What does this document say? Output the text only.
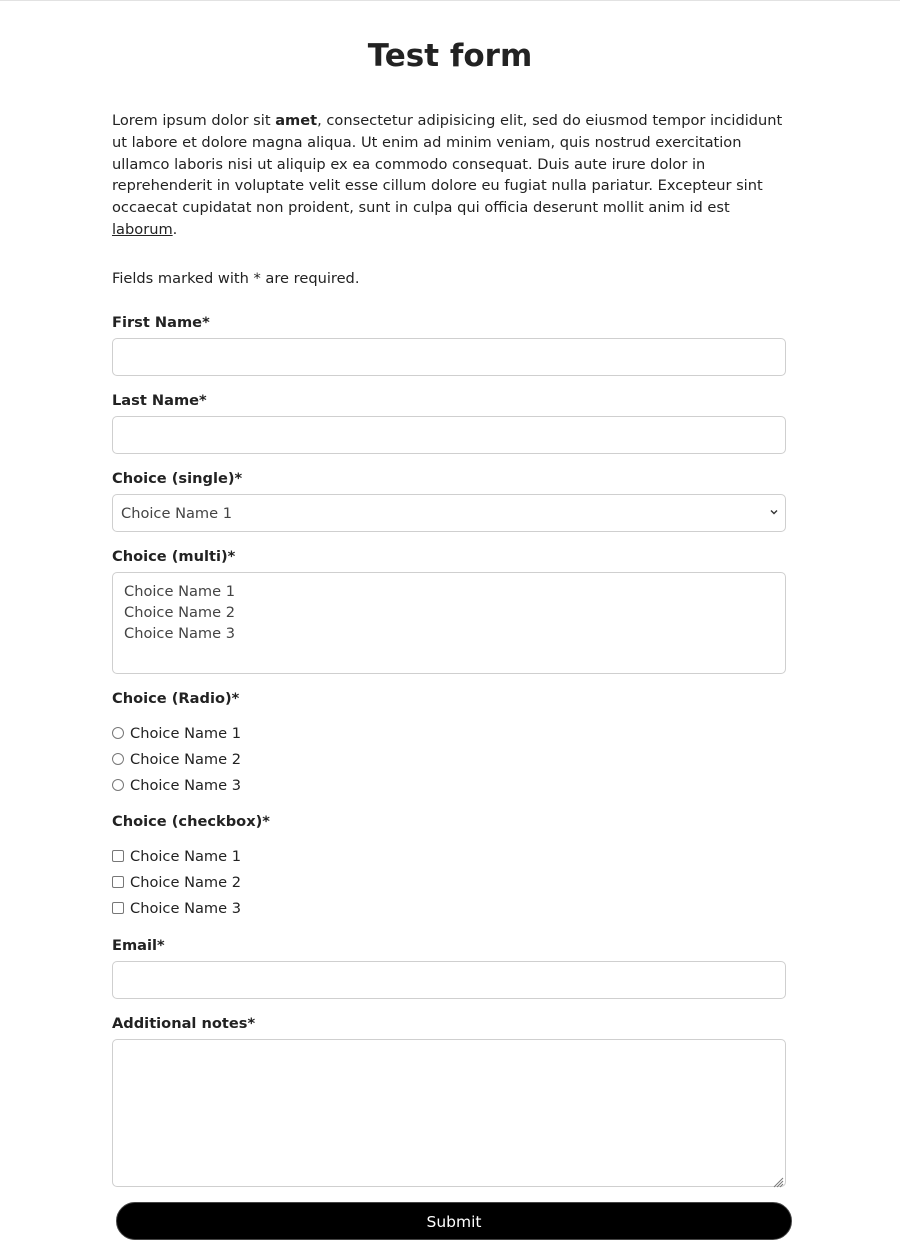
Test form

Lorem ipsum dolor sit amet, consectetur adipisicing elit, sed do eiusmod tempor incididunt ut labore et dolore magna aliqua. Ut enim ad minim veniam, quis nostrud exercitation ullamco laboris nisi ut aliquip ex ea commodo consequat. Duis aute irure dolor in reprehenderit in voluptate velit esse cillum dolore eu fugiat nulla pariatur. Excepteur sint occaecat cupidatat non proident, sunt in culpa qui officia deserunt mollit anim id est laborum.

Fields marked with * are required.
First Name*
Last Name*
Choice (single)*
Choice Name 1
Choice (multi)*
Choice Name 1
Choice Name 2
Choice Name 3
Choice (Radio)*
Choice Name 1
Choice Name 2
Choice Name 3
Choice (checkbox)*
Choice Name 1
Choice Name 2
Choice Name 3
Email*
Additional notes*
Submit
